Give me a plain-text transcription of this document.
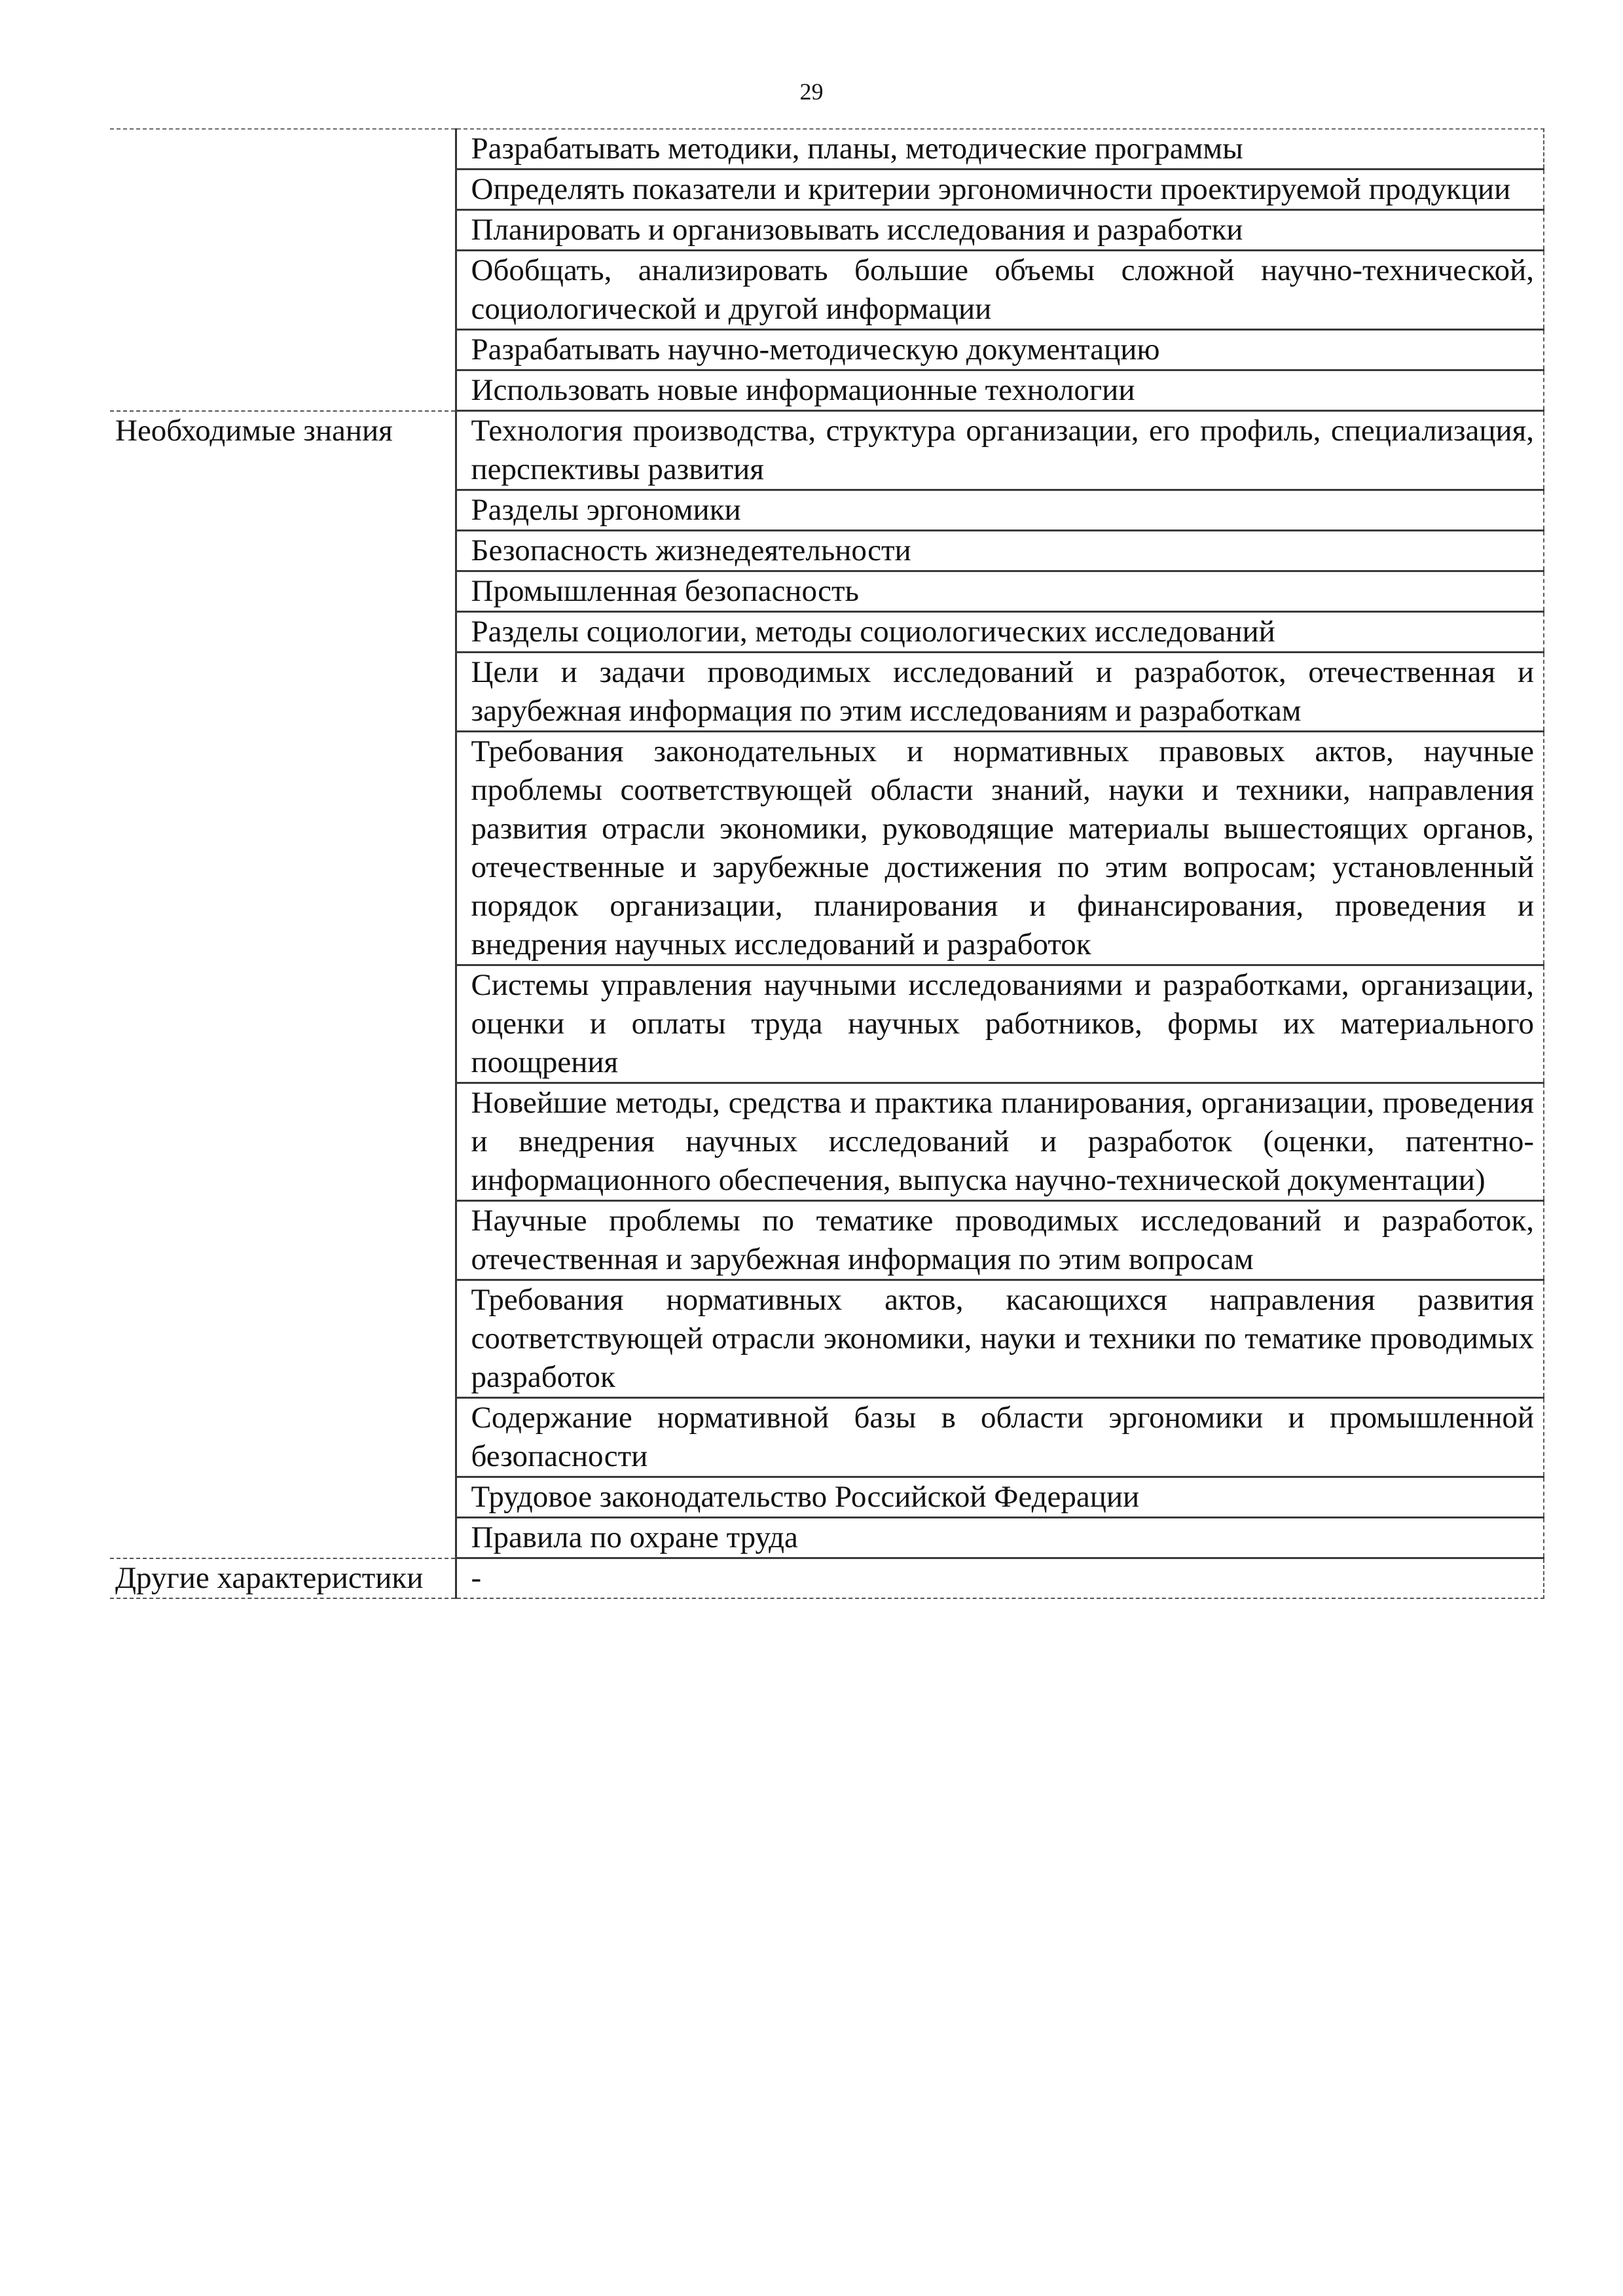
29

	Разрабатывать методики, планы, методические программы

	Определять показатели и критерии эргономичности проектируемой продукции

	Планировать и организовывать исследования и разработки

	Обобщать, анализировать большие объемы сложной научно-технической, социологической и другой информации

	Разрабатывать научно-методическую документацию

	Использовать новые информационные технологии

Необходимые знания	Технология производства, структура организации, его профиль, специализация, перспективы развития

	Разделы эргономики

	Безопасность жизнедеятельности

	Промышленная безопасность

	Разделы социологии, методы социологических исследований

	Цели и задачи проводимых исследований и разработок, отечественная и зарубежная информация по этим исследованиям и разработкам

	Требования законодательных и нормативных правовых актов, научные проблемы соответствующей области знаний, науки и техники, направления развития отрасли экономики, руководящие материалы вышестоящих органов, отечественные и зарубежные достижения по этим вопросам; установленный порядок организации, планирования и финансирования, проведения и внедрения научных исследований и разработок

	Системы управления научными исследованиями и разработками, организации, оценки и оплаты труда научных работников, формы их материального поощрения

	Новейшие методы, средства и практика планирования, организации, проведения и внедрения научных исследований и разработок (оценки, патентно-информационного обеспечения, выпуска научно-технической документации)

	Научные проблемы по тематике проводимых исследований и разработок, отечественная и зарубежная информация по этим вопросам

	Требования нормативных актов, касающихся направления развития соответствующей отрасли экономики, науки и техники по тематике проводимых разработок

	Содержание нормативной базы в области эргономики и промышленной безопасности

	Трудовое законодательство Российской Федерации

	Правила по охране труда

Другие характеристики	-
